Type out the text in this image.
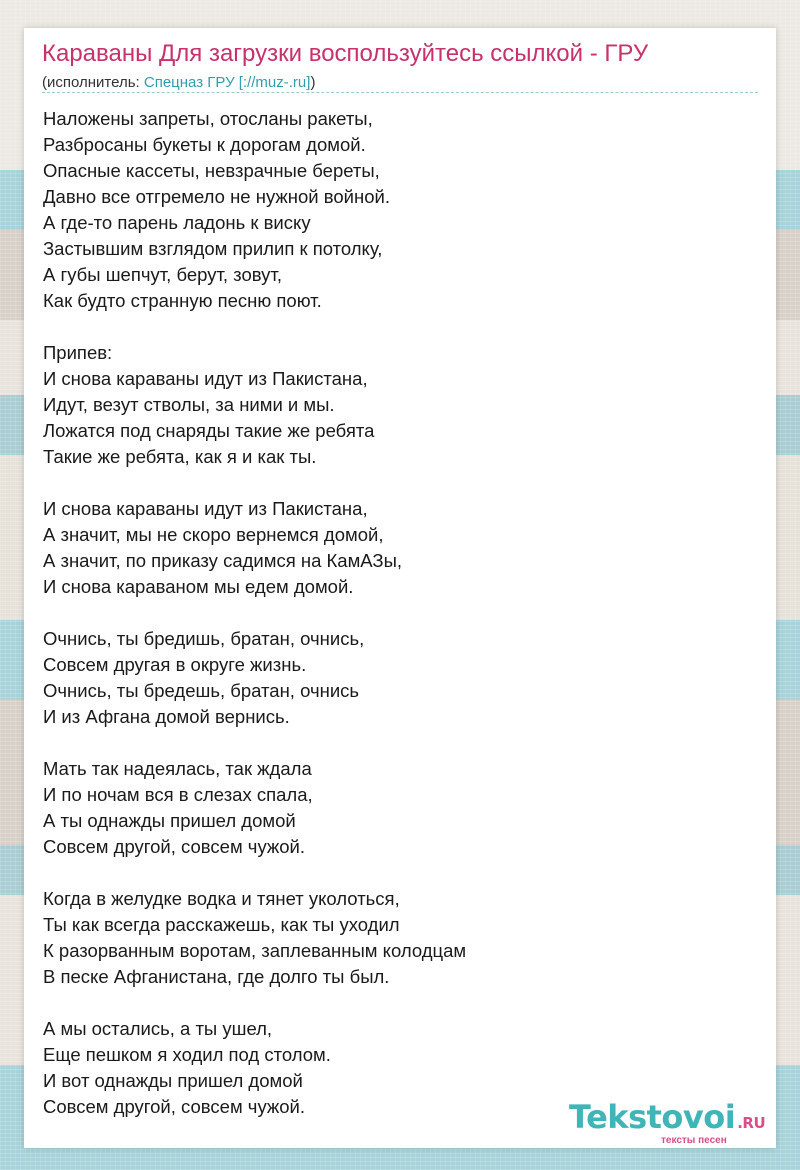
Караваны Для загрузки воспользуйтесь ссылкой - ГРУ
(исполнитель: Спецназ ГРУ [://muz-.ru])
Наложены запреты, отосланы ракеты,
Разбросаны букеты к дорогам домой.
Опасные кассеты, невзрачные береты,
Давно все отгремело не нужной войной.
А где-то парень ладонь к виску
Застывшим взглядом прилип к потолку,
А губы шепчут, берут, зовут,
Как будто странную песню поют.
Припев:
И снова караваны идут из Пакистана,
Идут, везут стволы, за ними и мы.
Ложатся под снаряды такие же ребята
Такие же ребята, как я и как ты.
И снова караваны идут из Пакистана,
А значит, мы не скоро вернемся домой,
А значит, по приказу садимся на КамАЗы,
И снова караваном мы едем домой.
Очнись, ты бредишь, братан, очнись,
Совсем другая в округе жизнь.
Очнись, ты бредешь, братан, очнись
И из Афгана домой вернись.
Мать так надеялась, так ждала
И по ночам вся в слезах спала,
А ты однажды пришел домой
Совсем другой, совсем чужой.
Когда в желудке водка и тянет уколоться,
Ты как всегда расскажешь, как ты уходил
К разорванным воротам, заплеванным колодцам
В песке Афганистана, где долго ты был.
А мы остались, а ты ушел,
Еще пешком я ходил под столом.
И вот однажды пришел домой
Совсем другой, совсем чужой.	Tekstovoi .RU
тексты песен
